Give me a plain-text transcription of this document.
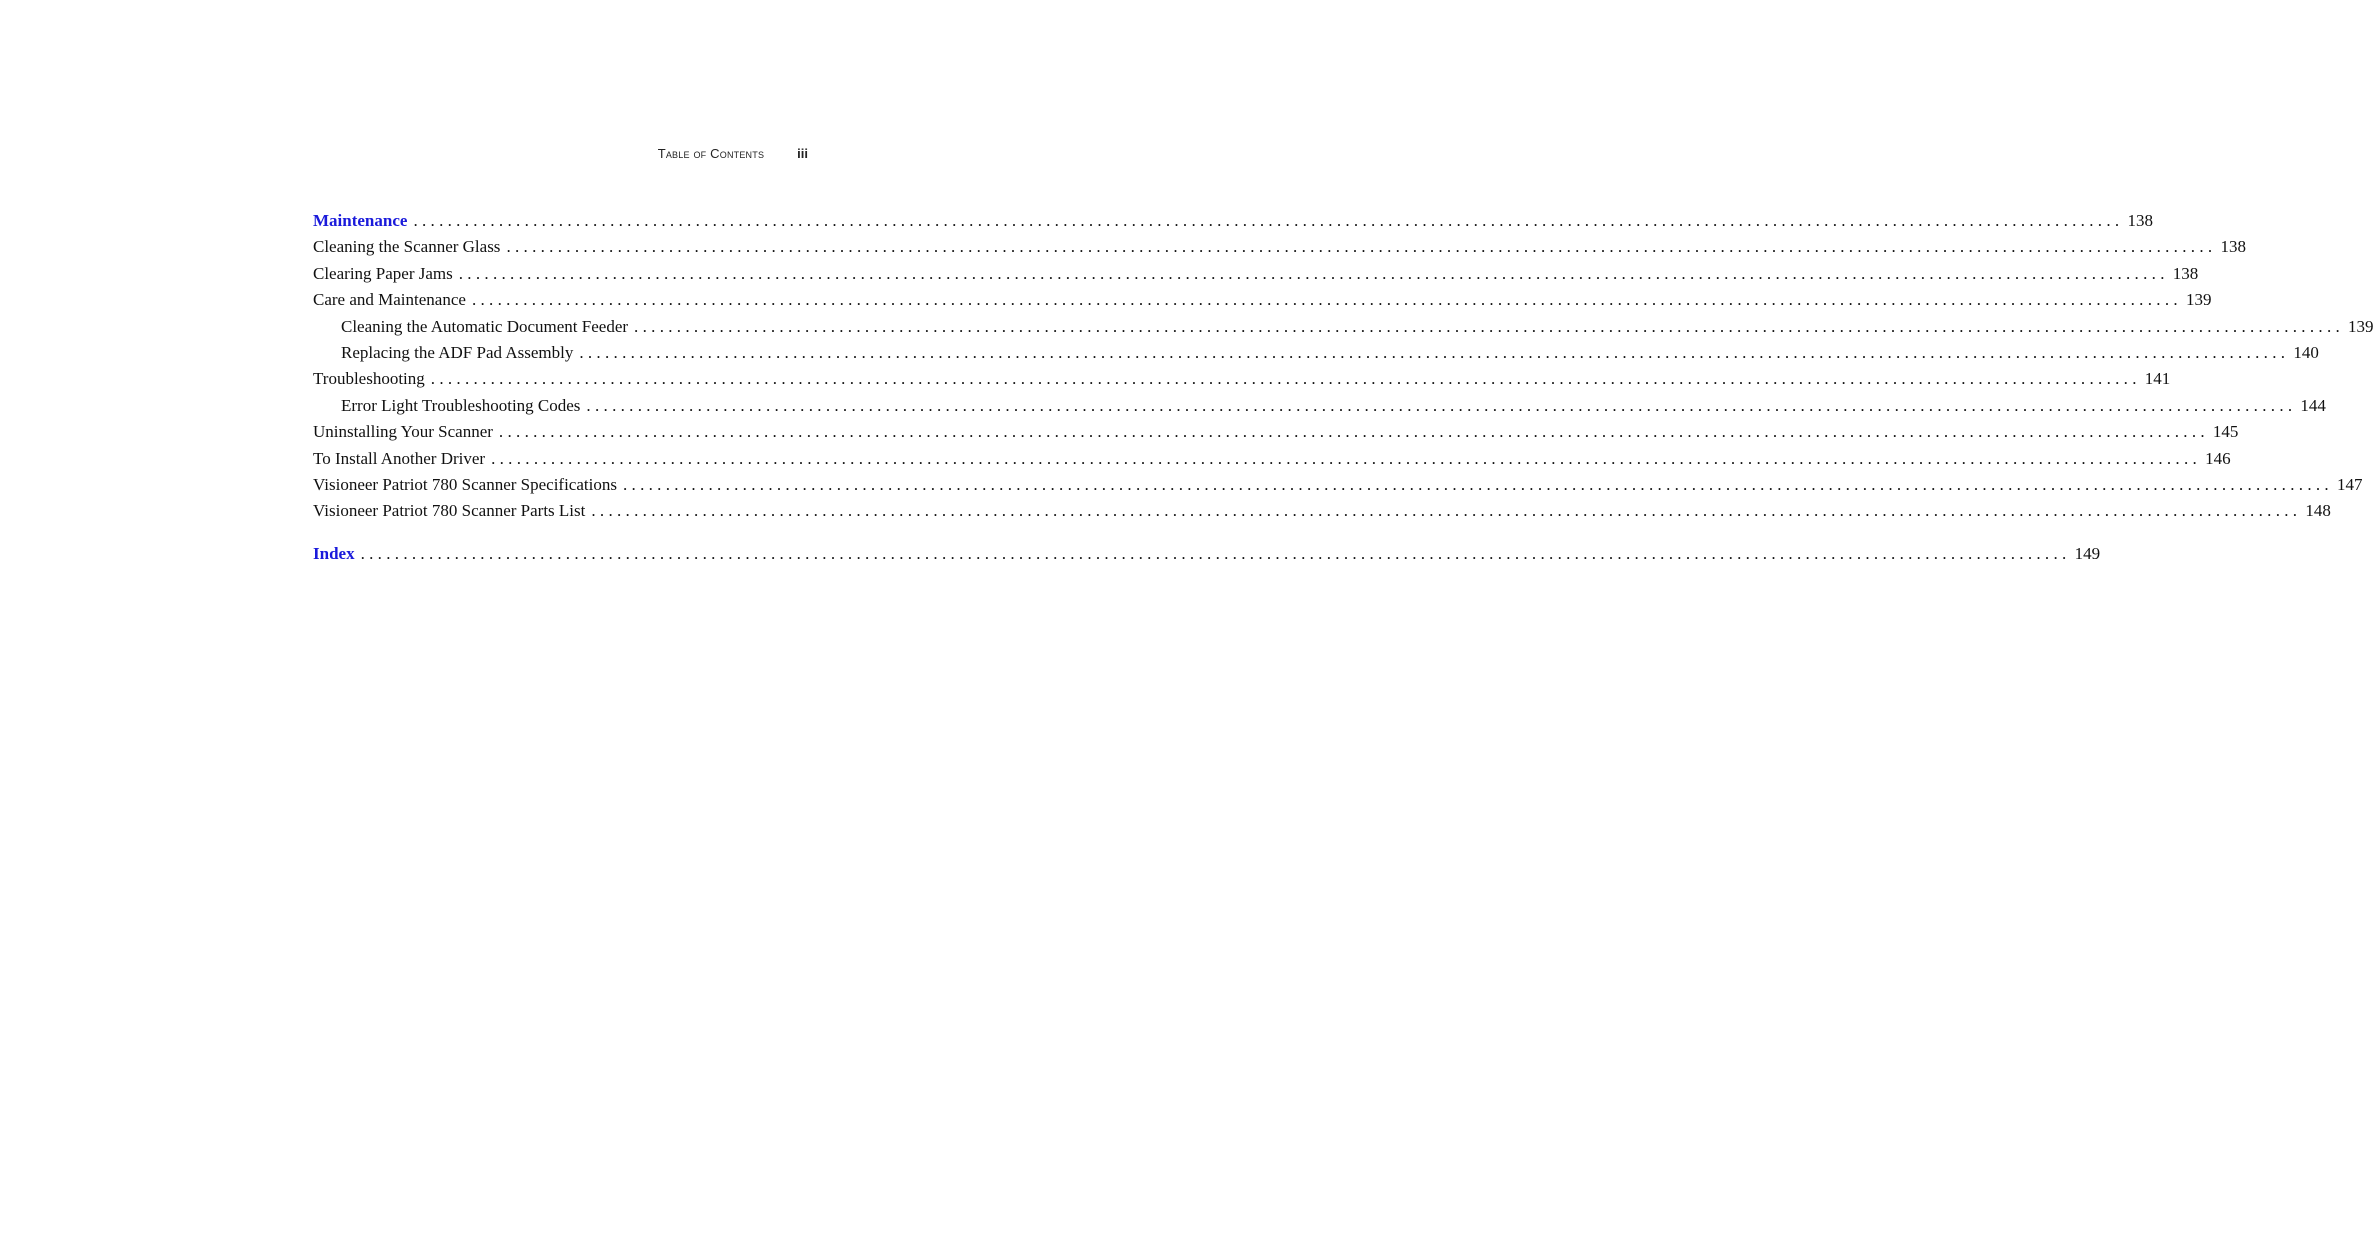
Table of Contents	iii
Maintenance ........................................................................................................................................................................................................ 138
Cleaning the Scanner Glass ........................................................................................................................................................................................................ 138
Clearing Paper Jams ........................................................................................................................................................................................................ 138
Care and Maintenance ........................................................................................................................................................................................................ 139
Cleaning the Automatic Document Feeder ........................................................................................................................................................................................................ 139
Replacing the ADF Pad Assembly ........................................................................................................................................................................................................ 140
Troubleshooting ........................................................................................................................................................................................................ 141
Error Light Troubleshooting Codes ........................................................................................................................................................................................................ 144
Uninstalling Your Scanner ........................................................................................................................................................................................................ 145
To Install Another Driver ........................................................................................................................................................................................................ 146
Visioneer Patriot 780 Scanner Specifications ........................................................................................................................................................................................................ 147
Visioneer Patriot 780 Scanner Parts List ........................................................................................................................................................................................................ 148
Index ........................................................................................................................................................................................................ 149
